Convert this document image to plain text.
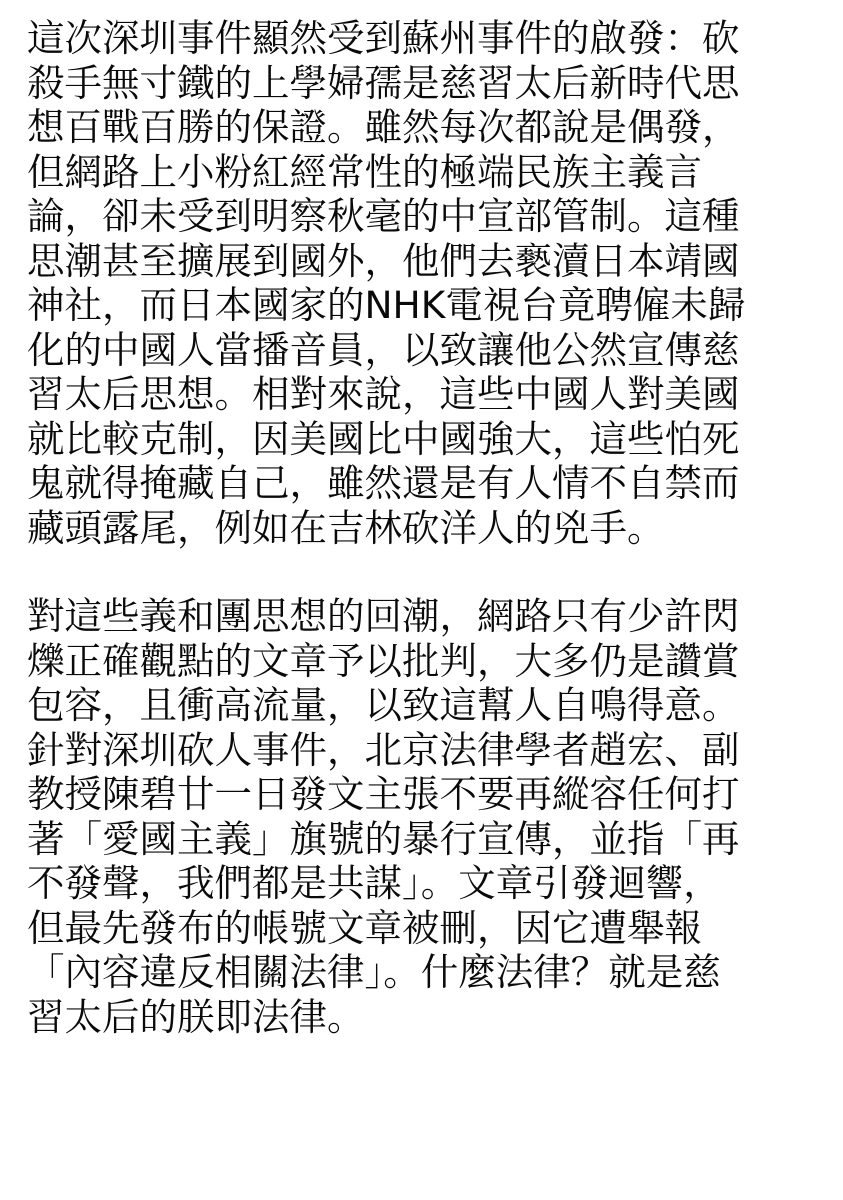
這次深圳事件顯然受到蘇州事件的啟發：砍
殺手無寸鐵的上學婦孺是慈習太后新時代思
想百戰百勝的保證。雖然每次都說是偶發，
但網路上小粉紅經常性的極端民族主義言
論，卻未受到明察秋毫的中宣部管制。這種
思潮甚至擴展到國外，他們去褻瀆日本靖國
神社，而日本國家的NHK電視台竟聘僱未歸
化的中國人當播音員，以致讓他公然宣傳慈
習太后思想。相對來說，這些中國人對美國
就比較克制，因美國比中國強大，這些怕死
鬼就得掩藏自己，雖然還是有人情不自禁而
藏頭露尾，例如在吉林砍洋人的兇手。
對這些義和團思想的回潮，網路只有少許閃
爍正確觀點的文章予以批判，大多仍是讚賞
包容，且衝高流量，以致這幫人自鳴得意。
針對深圳砍人事件，北京法律學者趙宏、副
教授陳碧廿一日發文主張不要再縱容任何打
著「愛國主義」旗號的暴行宣傳，並指「再
不發聲，我們都是共謀」。文章引發迴響，
但最先發布的帳號文章被刪，因它遭舉報
「內容違反相關法律」。什麼法律？就是慈
習太后的朕即法律。
